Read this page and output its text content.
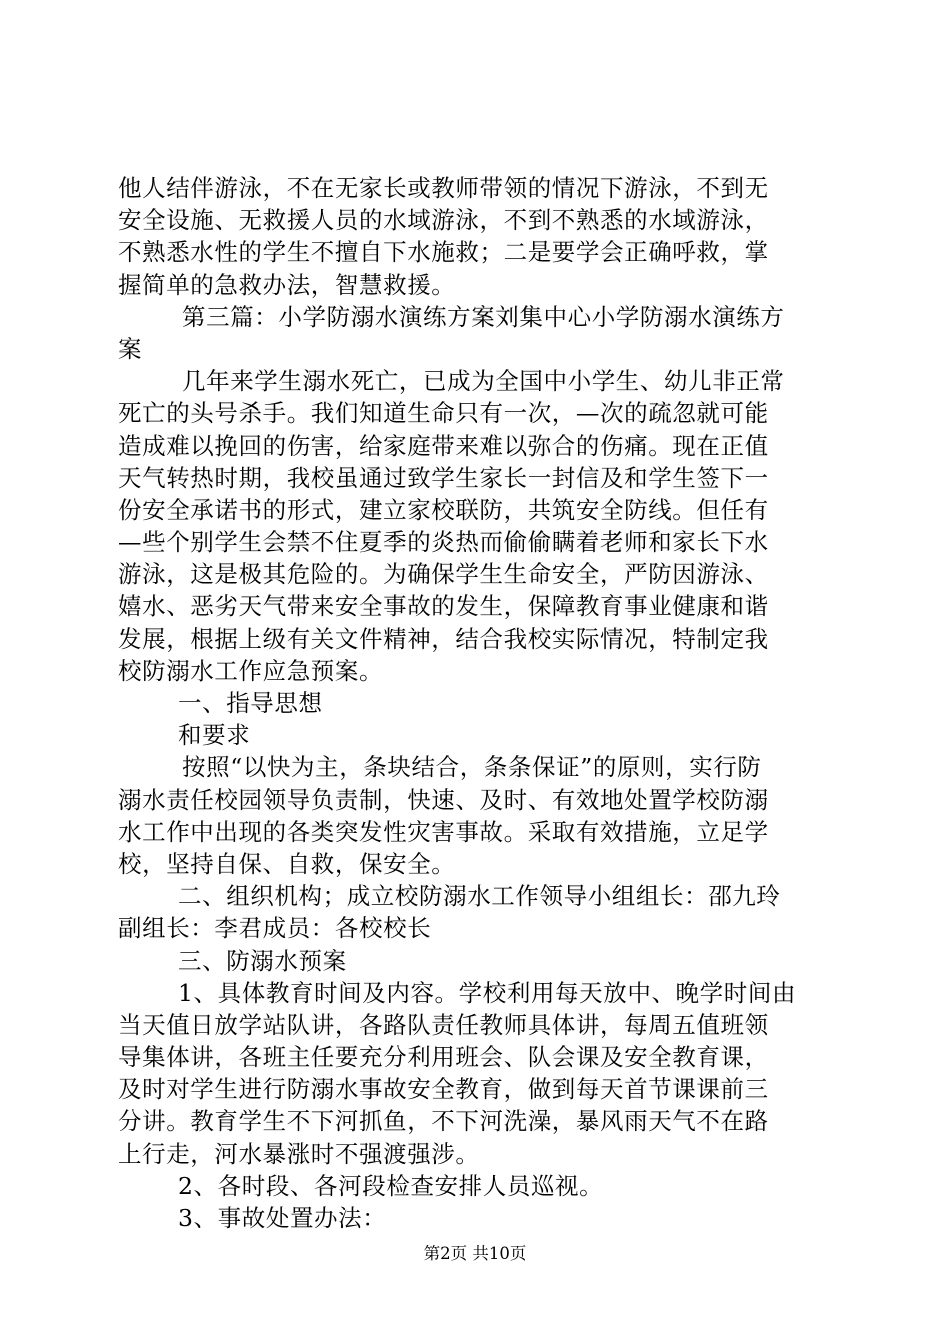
他人结伴游泳，不在无家长或教师带领的情况下游泳，不到无
安全设施、无救援人员的水域游泳，不到不熟悉的水域游泳，
不熟悉水性的学生不擅自下水施救；二是要学会正确呼救，掌
握简单的急救办法，智慧救援。
第三篇：小学防溺水演练方案刘集中心小学防溺水演练方
案
几年来学生溺水死亡，已成为全国中小学生、幼儿非正常
死亡的头号杀手。我们知道生命只有一次，—次的疏忽就可能
造成难以挽回的伤害，给家庭带来难以弥合的伤痛。现在正值
天气转热时期，我校虽通过致学生家长一封信及和学生签下一
份安全承诺书的形式，建立家校联防，共筑安全防线。但任有
—些个别学生会禁不住夏季的炎热而偷偷瞒着老师和家长下水
游泳，这是极其危险的。为确保学生生命安全，严防因游泳、
嬉水、恶劣天气带来安全事故的发生，保障教育事业健康和谐
发展，根据上级有关文件精神，结合我校实际情况，特制定我
校防溺水工作应急预案。
一、指导思想
和要求
按照“以快为主，条块结合，条条保证”的原则，实行防
溺水责任校园领导负责制，快速、及时、有效地处置学校防溺
水工作中出现的各类突发性灾害事故。采取有效措施，立足学
校，坚持自保、自救，保安全。
二、组织机构；成立校防溺水工作领导小组组长：邵九玲
副组长：李君成员：各校校长
三、防溺水预案
1、具体教育时间及内容。学校利用每天放中、晚学时间由
当天值日放学站队讲，各路队责任教师具体讲，每周五值班领
导集体讲，各班主任要充分利用班会、队会课及安全教育课，
及时对学生进行防溺水事故安全教育，做到每天首节课课前三
分讲。教育学生不下河抓鱼，不下河洗澡，暴风雨天气不在路
上行走，河水暴涨时不强渡强涉。
2、各时段、各河段检查安排人员巡视。
3、事故处置办法：
第2页 共10页
